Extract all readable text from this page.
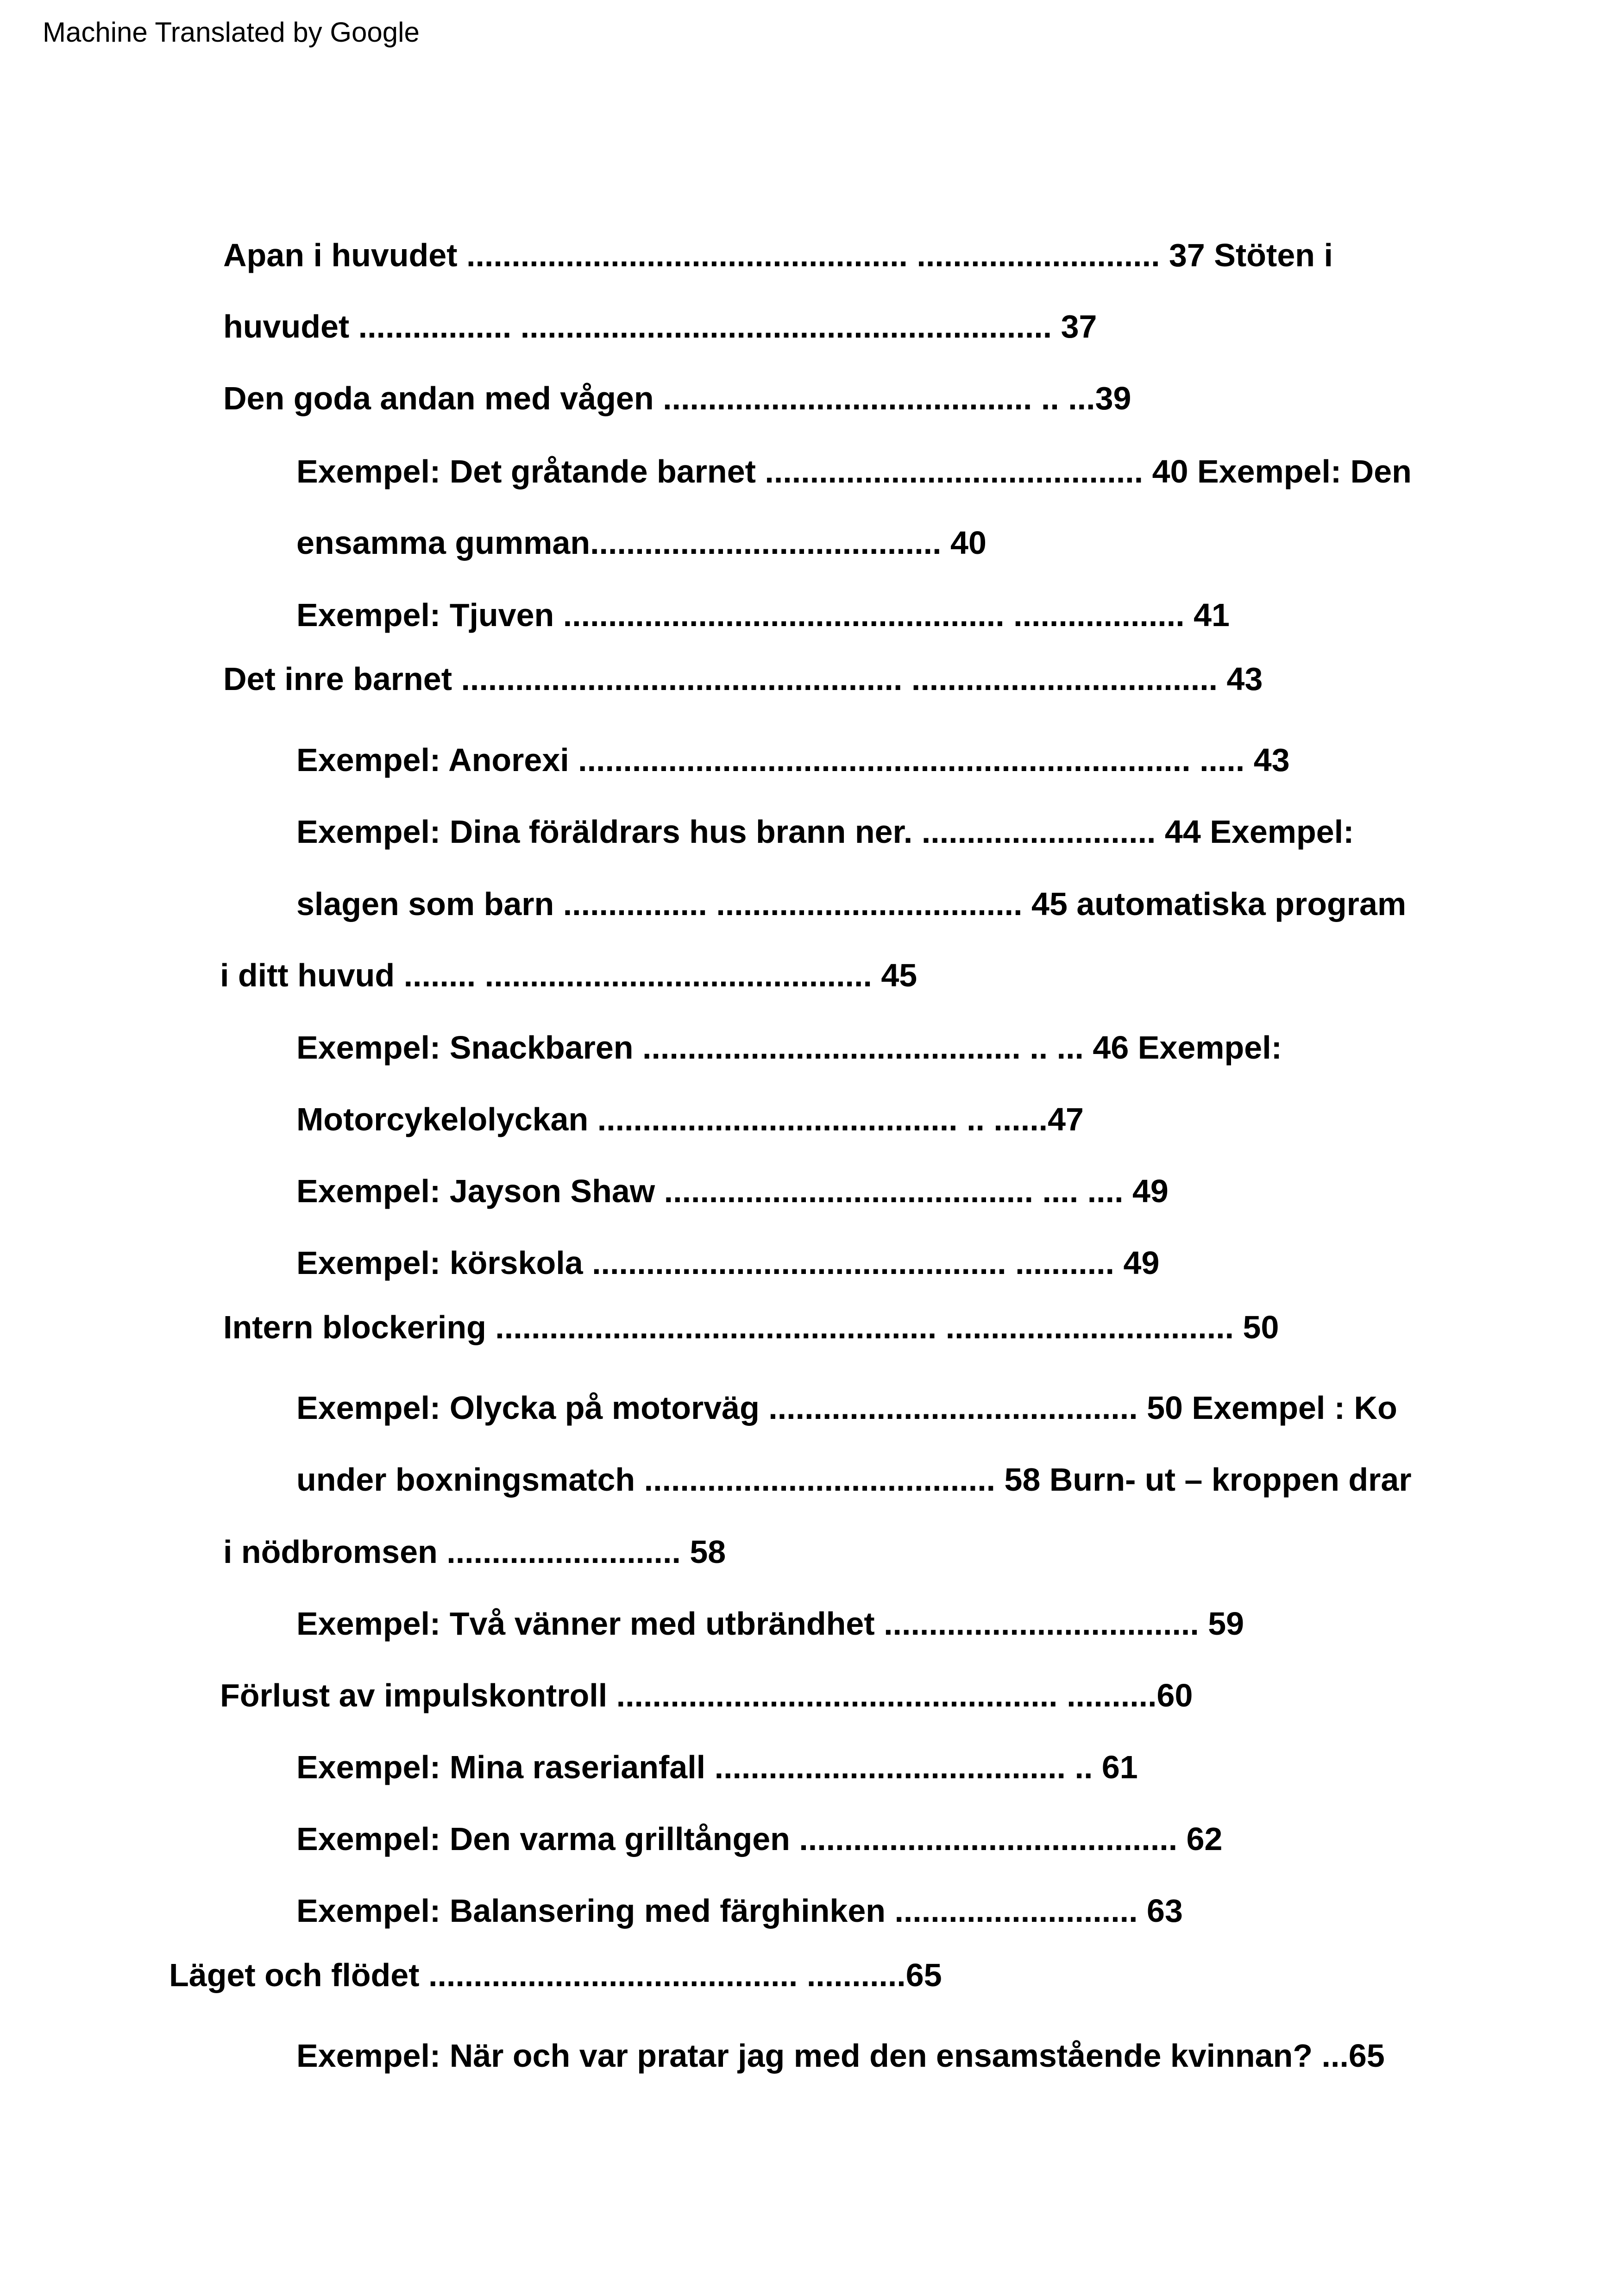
Machine Translated by Google
Apan i huvudet ................................................. ........................... 37 Stöten i
huvudet ................. ........................................................... 37
Den goda andan med vågen ......................................... .. ...39
Exempel: Det gråtande barnet .......................................... 40 Exempel: Den
ensamma gumman....................................... 40
Exempel: Tjuven ................................................. ................... 41
Det inre barnet ................................................. .................................. 43
Exempel: Anorexi .................................................................... ..... 43
Exempel: Dina föräldrars hus brann ner. .......................... 44 Exempel:
slagen som barn ................ .................................. 45 automatiska program
i ditt huvud ........ ........................................... 45
Exempel: Snackbaren .......................................... .. ... 46 Exempel:
Motorcykelolyckan ........................................ .. ......47
Exempel: Jayson Shaw ......................................... .... .... 49
Exempel: körskola .............................................. ........... 49
Intern blockering ................................................. ................................ 50
Exempel: Olycka på motorväg ......................................... 50 Exempel : Ko
under boxningsmatch ....................................... 58 Burn- ut – kroppen drar
i nödbromsen .......................... 58
Exempel: Två vänner med utbrändhet ................................... 59
Förlust av impulskontroll ................................................. ..........60
Exempel: Mina raserianfall ....................................... .. 61
Exempel: Den varma grilltången .......................................... 62
Exempel: Balansering med färghinken ........................... 63
Läget och flödet ......................................... ...........65
Exempel: När och var pratar jag med den ensamstående kvinnan? ...65
